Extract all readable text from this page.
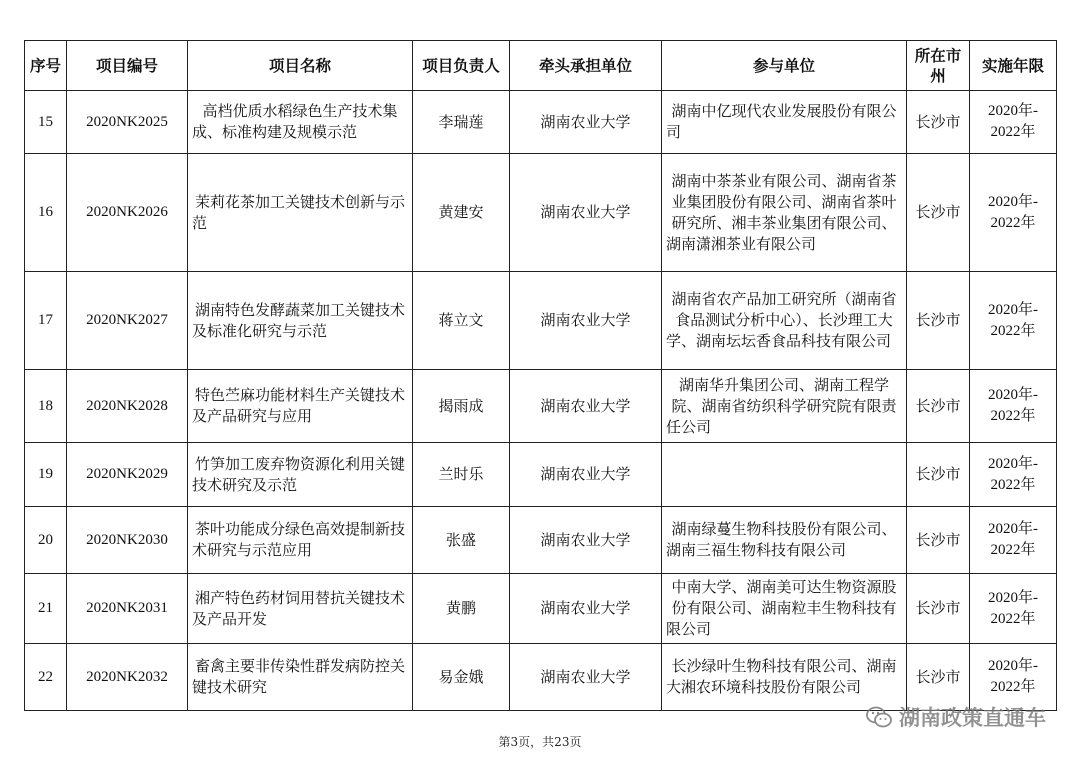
序号	项目编号	项目名称	项目负责人	牵头承担单位	参与单位	所在市州	实施年限
15	2020NK2025	高档优质水稻绿色生产技术集成、标准构建及规模示范	李瑞莲	湖南农业大学	湖南中亿现代农业发展股份有限公司	长沙市	2020年-
2022年

16	2020NK2026	茉莉花茶加工关键技术创新与示范	黄建安	湖南农业大学	湖南中茶茶业有限公司、湖南省茶业集团股份有限公司、湖南省茶叶研究所、湘丰茶业集团有限公司、湖南潇湘茶业有限公司	长沙市	2020年-
2022年

17	2020NK2027	湖南特色发酵蔬菜加工关键技术及标准化研究与示范	蒋立文	湖南农业大学	湖南省农产品加工研究所（湖南省食品测试分析中心）、长沙理工大学、湖南坛坛香食品科技有限公司	长沙市	2020年-
2022年

18	2020NK2028	特色苎麻功能材料生产关键技术及产品研究与应用	揭雨成	湖南农业大学	湖南华升集团公司、湖南工程学院、湖南省纺织科学研究院有限责任公司	长沙市	2020年-
2022年

19	2020NK2029	竹笋加工废弃物资源化利用关键技术研究及示范	兰时乐	湖南农业大学		长沙市	2020年-
2022年

20	2020NK2030	茶叶功能成分绿色高效提制新技术研究与示范应用	张盛	湖南农业大学	湖南绿蔓生物科技股份有限公司、湖南三福生物科技有限公司	长沙市	2020年-
2022年

21	2020NK2031	湘产特色药材饲用替抗关键技术及产品开发	黄鹏	湖南农业大学	中南大学、湖南美可达生物资源股份有限公司、湖南粒丰生物科技有限公司	长沙市	2020年-
2022年

22	2020NK2032	畜禽主要非传染性群发病防控关键技术研究	易金娥	湖南农业大学	长沙绿叶生物科技有限公司、湖南大湘农环境科技股份有限公司	长沙市	2020年-
2022年
第3页，共23页
湖南政策直通车
